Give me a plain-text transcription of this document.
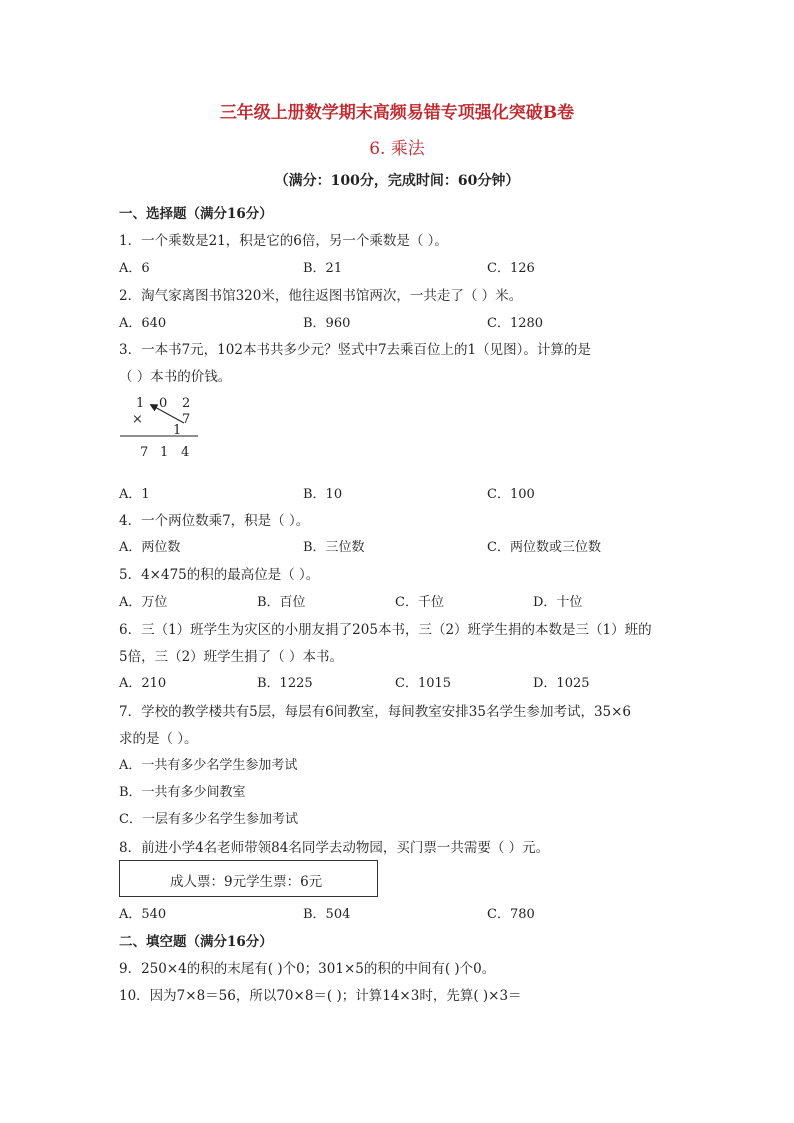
三年级上册数学期末高频易错专项强化突破B卷
6. 乘法
（满分：100分，完成时间：60分钟）
一、选择题（满分16分）
1．一个乘数是21，积是它的6倍，另一个乘数是（ ）。
A．6	B．21	C．126
2．淘气家离图书馆320米，他往返图书馆两次，一共走了（ ）米。
A．640	B．960	C．1280
3．一本书7元，102本书共多少元？竖式中7去乘百位上的1（见图）。计算的是
（ ）本书的价钱。
1 0 2
×	7
1
7 1 4
A．1	B．10	C．100
4．一个两位数乘7，积是（ ）。
A．两位数	B．三位数	C．两位数或三位数
5．4×475的积的最高位是（ ）。
A．万位	B．百位	C．千位	D．十位
6．三（1）班学生为灾区的小朋友捐了205本书，三（2）班学生捐的本数是三（1）班的
5倍，三（2）班学生捐了（ ）本书。
A．210	B．1225	C．1015	D．1025
7．学校的教学楼共有5层，每层有6间教室，每间教室安排35名学生参加考试，35×6
求的是（ ）。
A．一共有多少名学生参加考试
B．一共有多少间教室
C．一层有多少名学生参加考试
8．前进小学4名老师带领84名同学去动物园，买门票一共需要（ ）元。
成人票：9元学生票：6元
A．540	B．504	C．780
二、填空题（满分16分）
9．250×4的积的末尾有( )个0；301×5的积的中间有( )个0。
10．因为7×8＝56，所以70×8＝( )；计算14×3时，先算( )×3＝
